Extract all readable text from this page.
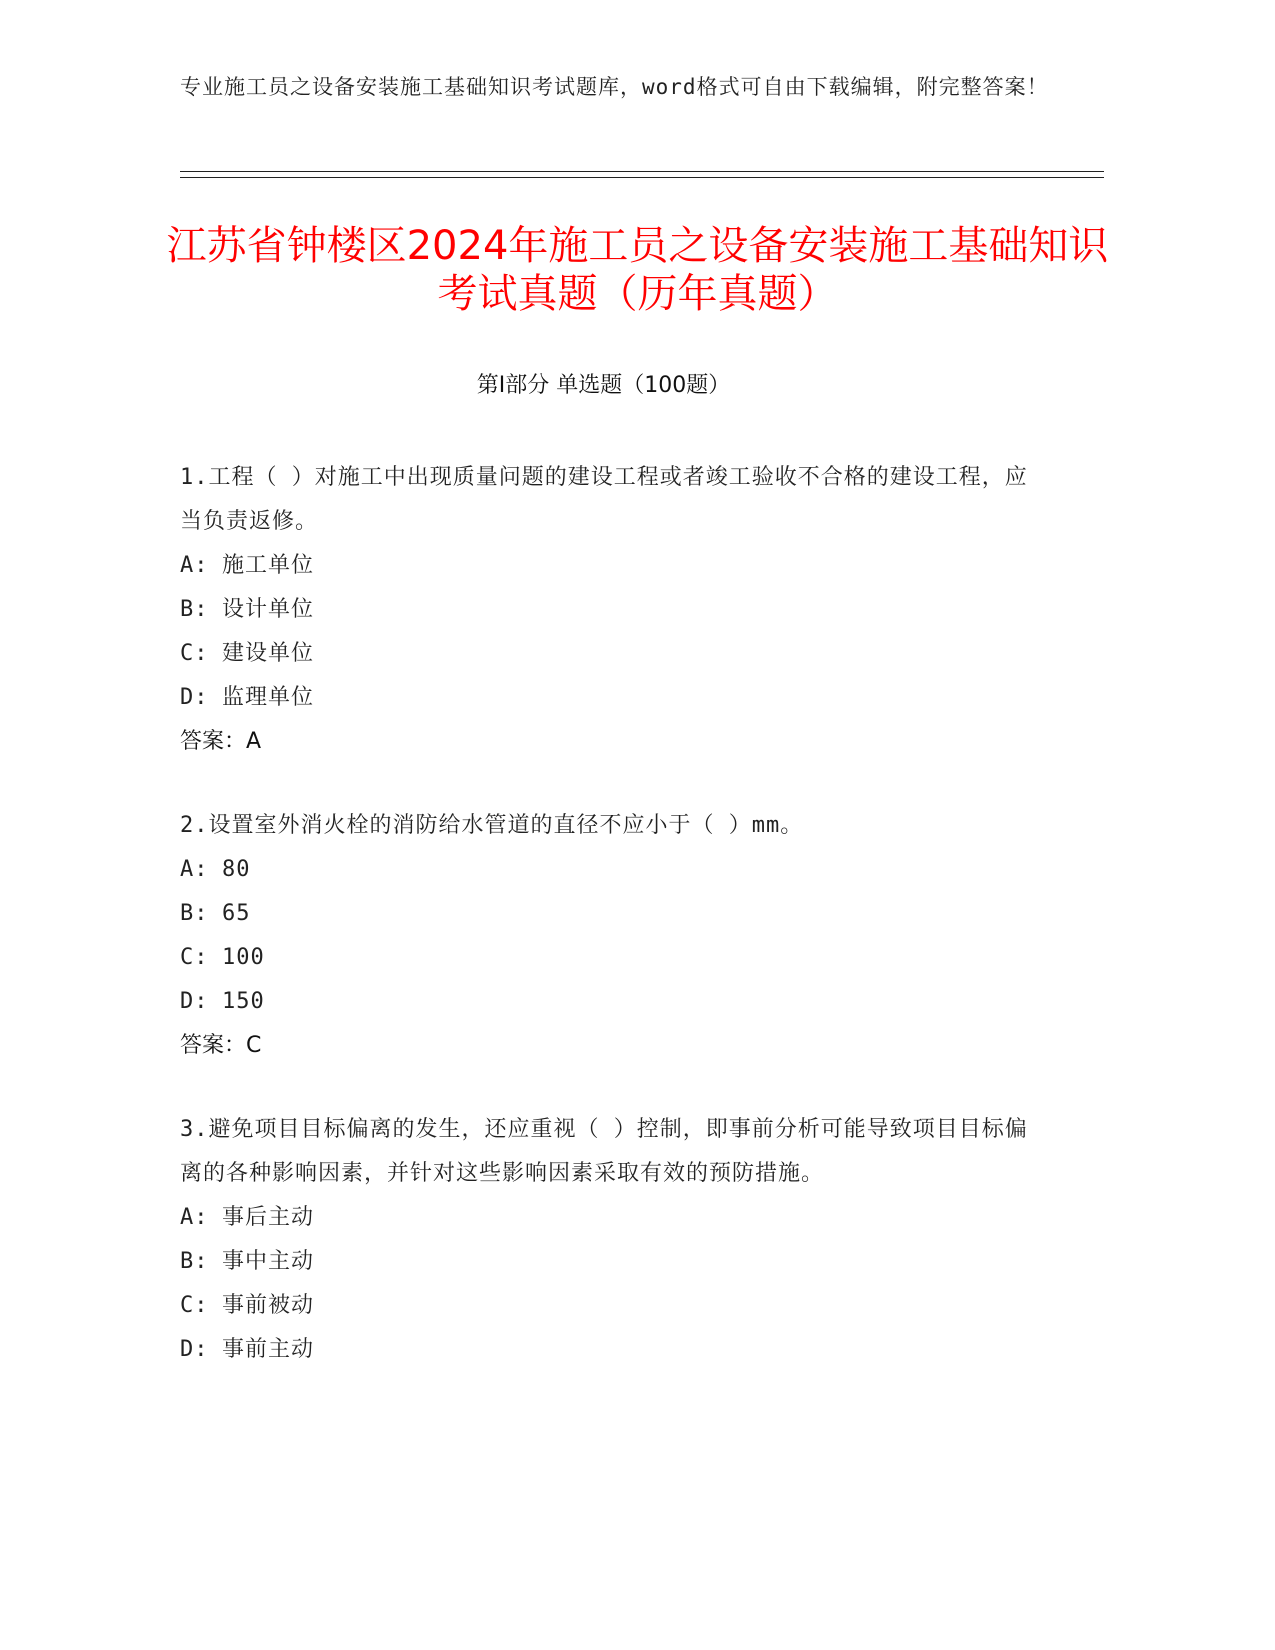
专业施工员之设备安装施工基础知识考试题库，word格式可自由下载编辑，附完整答案！

江苏省钟楼区2024年施工员之设备安装施工基础知识考试真题（历年真题）
第Ⅰ部分 单选题（100题）

1.工程（ ）对施工中出现质量问题的建设工程或者竣工验收不合格的建设工程，应当负责返修。

A: 施工单位

B: 设计单位

C: 建设单位

D: 监理单位

答案：A

2.设置室外消火栓的消防给水管道的直径不应小于（ ）mm。

A: 80

B: 65

C: 100

D: 150

答案：C

3.避免项目目标偏离的发生，还应重视（ ）控制，即事前分析可能导致项目目标偏离的各种影响因素，并针对这些影响因素采取有效的预防措施。

A: 事后主动

B: 事中主动

C: 事前被动

D: 事前主动
